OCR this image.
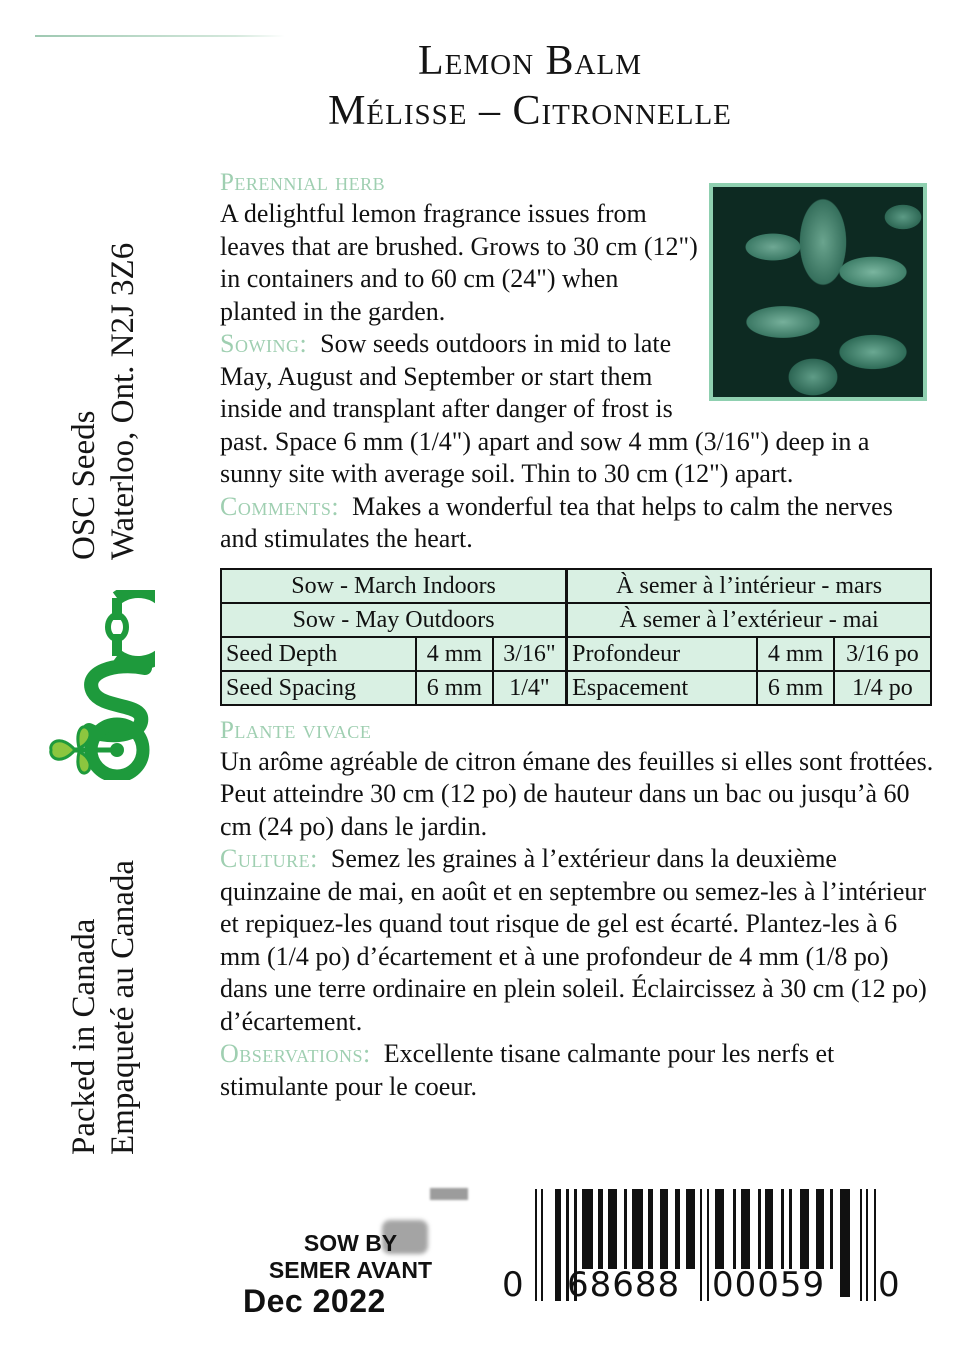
Lemon Balm
Mélisse – Citronnelle
OSC Seeds Waterloo, Ont. N2J 3Z6
Packed in Canada Empaqueté au Canada
Perennial herb

A delightful lemon fragrance issues from leaves that are brushed. Grows to 30 cm (12") in containers and to 60 cm (24") when planted in the garden.

Sowing: Sow seeds outdoors in mid to late May, August and September or start them inside and transplant after danger of frost is past. Space 6 mm (1/4") apart and sow 4 mm (3/16") deep in a sunny site with average soil. Thin to 30 cm (12") apart.

Comments: Makes a wonderful tea that helps to calm the nerves and stimulates the heart.

Sow - March Indoors			À semer à l’intérieur - mars		
Sow - May Outdoors			À semer à l’extérieur - mai		
Seed Depth	4 mm	3/16"	Profondeur	4 mm	3/16 po
Seed Spacing	6 mm	1/4"	Espacement	6 mm	1/4 po
Plante vivace

Un arôme agréable de citron émane des feuilles si elles sont frottées. Peut atteindre 30 cm (12 po) de hauteur dans un bac ou jusqu’à 60 cm (24 po) dans le jardin.

Culture: Semez les graines à l’extérieur dans la deuxième quinzaine de mai, en août et en septembre ou semez-les à l’intérieur et repiquez-les quand tout risque de gel est écarté. Plantez-les à 6 mm (1/4 po) d’écartement et à une profondeur de 4 mm (1/8 po) dans une terre ordinaire en plein soleil. Éclaircissez à 30 cm (12 po) d’écartement.

Observations: Excellente tisane calmante pour les nerfs et stimulante pour le coeur.

SOW BY
SEMER AVANT
Dec 2022	0 68688 00059 0
